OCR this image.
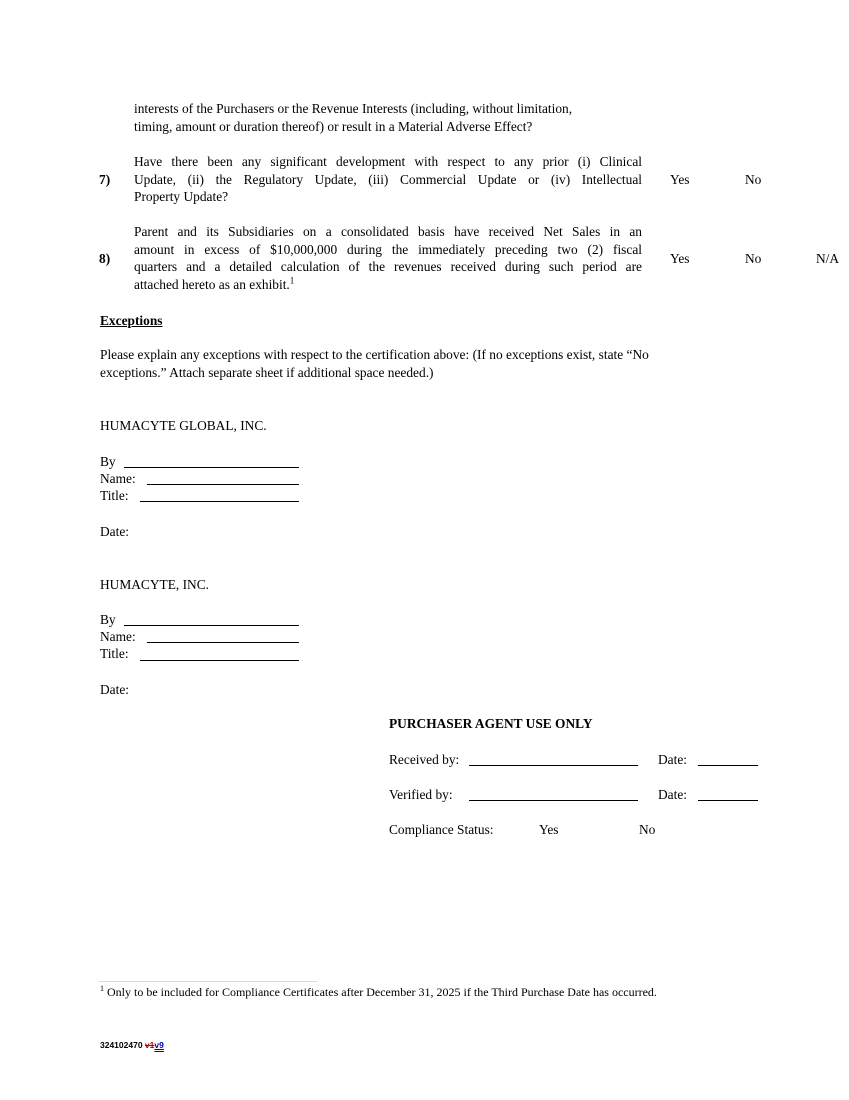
interests of the Purchasers or the Revenue Interests (including, without limitation,
timing, amount or duration thereof) or result in a Material Adverse Effect?
7)
Have there been any significant development with respect to any prior (i) Clinical
Update, (ii) the Regulatory Update, (iii) Commercial Update or (iv) Intellectual
Property Update?
Yes	No
8)
Parent and its Subsidiaries on a consolidated basis have received Net Sales in an
amount in excess of $10,000,000 during the immediately preceding two (2) fiscal
quarters and a detailed calculation of the revenues received during such period are
attached hereto as an exhibit.$^1$
Yes	No	N/A
Exceptions
Please explain any exceptions with respect to the certification above: (If no exceptions exist, state “No
exceptions.” Attach separate sheet if additional space needed.)
HUMACYTE GLOBAL, INC.
By
Name:
Title:
Date:
HUMACYTE, INC.
By
Name:
Title:
Date:
PURCHASER AGENT USE ONLY
Received by:	Date:
Verified by:	Date:
Compliance Status:	Yes	No
$^1$ Only to be included for Compliance Certificates after December 31, 2025 if the Third Purchase Date has occurred.
324102470 v1v9
